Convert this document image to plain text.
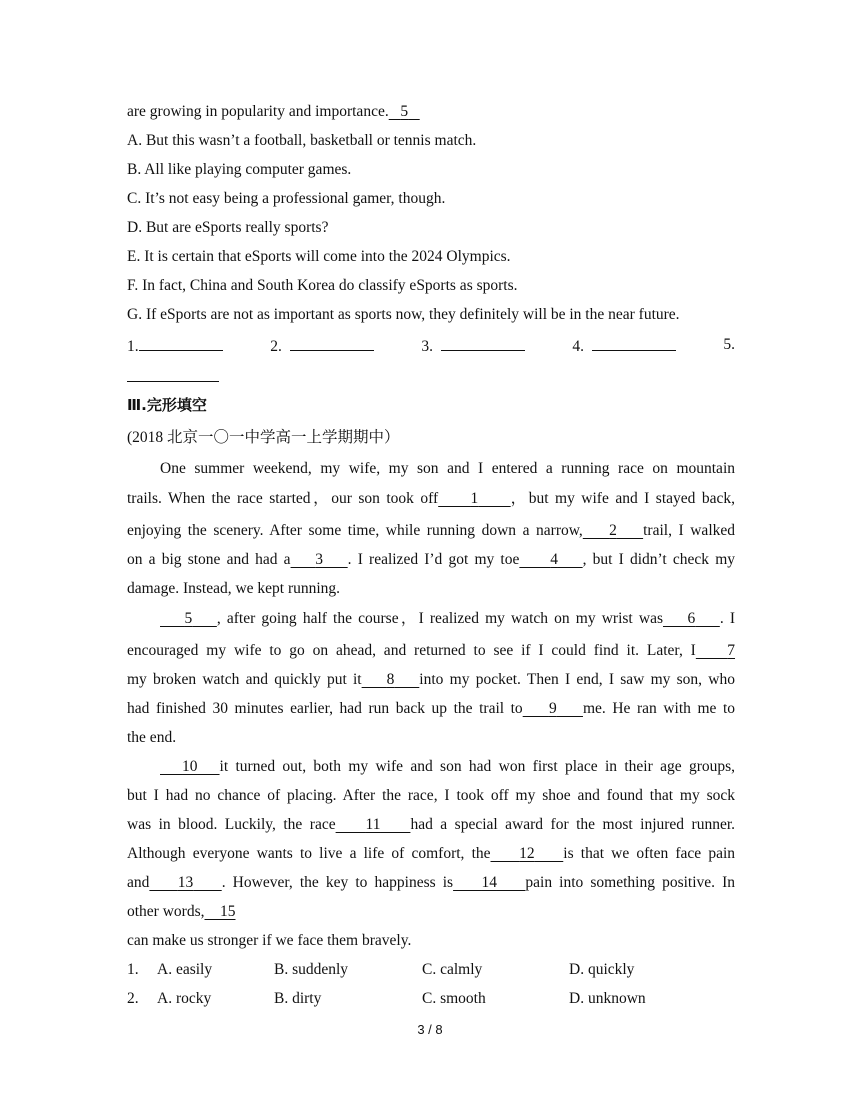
are growing in popularity and importance. 5
A. But this wasn’t a football, basketball or tennis match.
B. All like playing computer games.
C. It’s not easy being a professional gamer, though.
D. But are eSports really sports?
E. It is certain that eSports will come into the 2024 Olympics.
F. In fact, China and South Korea do classify eSports as sports.
G. If eSports are not as important as sports now, they definitely will be in the near future.
1.	2.	3.	4.	5.
Ⅲ.完形填空
(2018 北京一〇一中学高一上学期期中）
One summer weekend, my wife, my son and I entered a running race on mountain
trails. When the race started，our son took off 1 ，but my wife and I stayed back,
enjoying the scenery. After some time, while running down a narrow, 2 trail, I walked
on a big stone and had a 3 . I realized I’d got my toe 4 , but I didn’t check my
damage. Instead, we kept running.
5 , after going half the course，I realized my watch on my wrist was 6 . I
encouraged my wife to go on ahead, and returned to see if I could find it. Later, I 7
my broken watch and quickly put it 8 into my pocket. Then I end, I saw my son, who
had finished 30 minutes earlier, had run back up the trail to 9 me. He ran with me to
the end.
10 it turned out, both my wife and son had won first place in their age groups,
but I had no chance of placing. After the race, I took off my shoe and found that my sock
was in blood. Luckily, the race 11 had a special award for the most injured runner.
Although everyone wants to live a life of comfort, the 12 is that we often face pain
and 13 . However, the key to happiness is 14 pain into something positive. In
other words, 15
can make us stronger if we face them bravely.
1. A. easily	B. suddenly	C. calmly	D. quickly
2. A. rocky	B. dirty	C. smooth	D. unknown
3 / 8
